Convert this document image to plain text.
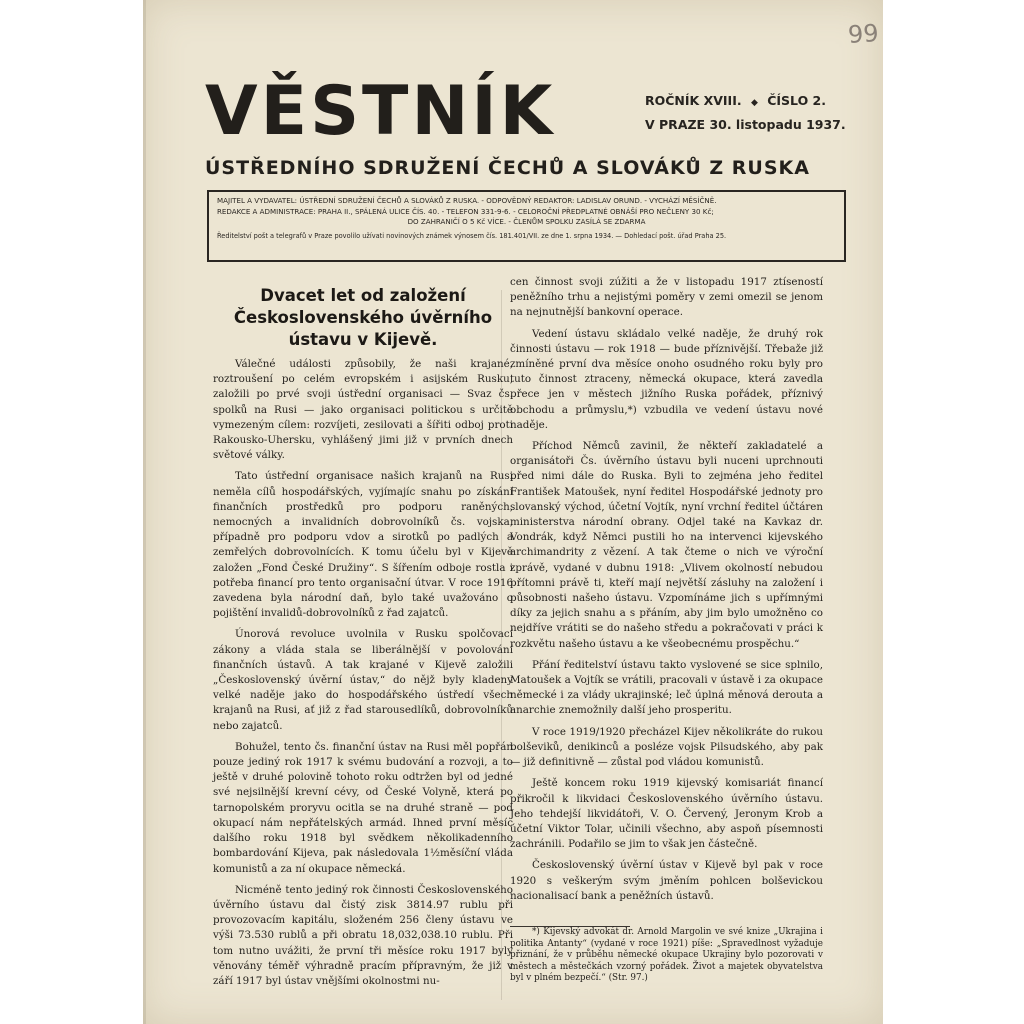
99
VĚSTNÍK	ROČNÍK XVIII. ◆ ČÍSLO 2.
V PRAZE 30. listopadu 1937.
ÚSTŘEDNÍHO SDRUŽENÍ ČECHŮ A SLOVÁKŮ Z RUSKA
MAJITEL A VYDAVATEL: ÚSTŘEDNÍ SDRUŽENÍ ČECHŮ A SLOVÁKŮ Z RUSKA. - ODPOVĚDNÝ REDAKTOR: LADISLAV ORUND. - VYCHÁZÍ MĚSÍČNĚ.
REDAKCE A ADMINISTRACE: PRAHA II., SPÁLENÁ ULICE ČÍS. 40. - TELEFON 331-9-6. - CELOROČNÍ PŘEDPLATNÉ OBNÁŠÍ PRO NEČLENY 30 Kč;
DO ZAHRANIČÍ O 5 Kč VÍCE. - ČLENŮM SPOLKU ZASÍLÁ SE ZDARMA
Ředitelství pošt a telegrafů v Praze povolilo užívati novinových známek výnosem čís. 181.401/VII. ze dne 1. srpna 1934. — Dohledací pošt. úřad Praha 25.

Dvacet let od založení Československého úvěrního ústavu v Kijevě.

Válečné události způsobily, že naši krajané, roztroušení po celém evropském i asijském Rusku, založili po prvé svoji ústřední organisaci — Svaz čs. spolků na Rusi — jako organisaci politickou s určitě vymezeným cílem: rozvíjeti, zesilovati a šířiti odboj proti Rakousko-Uhersku, vyhlášený jimi již v prvních dnech světové války.

Tato ústřední organisace našich krajanů na Rusi neměla cílů hospodářských, vyjímajíc snahu po získání finančních prostředků pro podporu raněných, nemocných a invalidních dobrovolníků čs. vojska, případně pro podporu vdov a sirotků po padlých a zemřelých dobrovolnících. K tomu účelu byl v Kijevě založen „Fond České Družiny“. S šířením odboje rostla i potřeba financí pro tento organisační útvar. V roce 1916 zavedena byla národní daň, bylo také uvažováno o pojištění invalidů-dobrovolníků z řad zajatců.

Únorová revoluce uvolnila v Rusku spolčovací zákony a vláda stala se liberálnější v povolování finančních ústavů. A tak krajané v Kijevě založili „Československý úvěrní ústav,“ do nějž byly kladeny velké naděje jako do hospodářského ústředí všech krajanů na Rusi, ať již z řad starousedlíků, dobrovolníků nebo zajatců.

Bohužel, tento čs. finanční ústav na Rusi měl popřán pouze jediný rok 1917 k svému budování a rozvoji, a to ještě v druhé polovině tohoto roku odtržen byl od jedné své nejsilnější krevní cévy, od České Volyně, která po tarnopolském proryvu ocitla se na druhé straně — pod okupací nám nepřátelských armád. Ihned první měsíc dalšího roku 1918 byl svědkem několikadenního bombardování Kijeva, pak následovala 1½měsíční vláda komunistů a za ní okupace německá.

Nicméně tento jediný rok činnosti Československého úvěrního ústavu dal čistý zisk 3814.97 rublu při provozovacím kapitálu, složeném 256 členy ústavu ve výši 73.530 rublů a při obratu 18,032,038.10 rublu. Při tom nutno uvážiti, že první tři měsíce roku 1917 byly věnovány téměř výhradně pracím přípravným, že již v září 1917 byl ústav vnějšími okolnostmi nu-

cen činnost svoji zúžiti a že v listopadu 1917 ztíseností peněžního trhu a nejistými poměry v zemi omezil se jenom na nejnutnější bankovní operace.

Vedení ústavu skládalo velké naděje, že druhý rok činnosti ústavu — rok 1918 — bude příznivější. Třebaže již zmíněné první dva měsíce onoho osudného roku byly pro tuto činnost ztraceny, německá okupace, která zavedla přece jen v městech jižního Ruska pořádek, příznivý obchodu a průmyslu,*) vzbudila ve vedení ústavu nové naděje.

Příchod Němců zavinil, že někteří zakladatelé a organisátoři Čs. úvěrního ústavu byli nuceni uprchnouti před nimi dále do Ruska. Byli to zejména jeho ředitel František Matoušek, nyní ředitel Hospodářské jednoty pro slovanský východ, účetní Vojtík, nyní vrchní ředitel účtáren ministerstva národní obrany. Odjel také na Kavkaz dr. Vondrák, když Němci pustili ho na intervenci kijevského archimandrity z vězení. A tak čteme o nich ve výroční zprávě, vydané v dubnu 1918: „Vlivem okolností nebudou přítomni právě ti, kteří mají největší zásluhy na založení i působnosti našeho ústavu. Vzpomínáme jich s upřímnými díky za jejich snahu a s přáním, aby jim bylo umožněno co nejdříve vrátiti se do našeho středu a pokračovati v práci k rozkvětu našeho ústavu a ke všeobecnému prospěchu.“

Přání ředitelství ústavu takto vyslovené se sice splnilo, Matoušek a Vojtík se vrátili, pracovali v ústavě i za okupace německé i za vlády ukrajinské; leč úplná měnová derouta a anarchie znemožnily další jeho prosperitu.

V roce 1919/1920 přecházel Kijev několikráte do rukou bolševiků, denikinců a posléze vojsk Pilsudského, aby pak — již definitivně — zůstal pod vládou komunistů.

Ještě koncem roku 1919 kijevský komisariát financí přikročil k likvidaci Československého úvěrního ústavu. Jeho tehdejší likvidátoři, V. O. Červený, Jeronym Krob a účetní Viktor Tolar, učinili všechno, aby aspoň písemnosti zachránili. Podařilo se jim to však jen částečně.

Československý úvěrní ústav v Kijevě byl pak v roce 1920 s veškerým svým jměním pohlcen bolševickou nacionalisací bank a peněžních ústavů.

*) Kijevský advokát dr. Arnold Margolin ve své knize „Ukrajina i politika Antanty“ (vydané v roce 1921) píše: „Spravedlnost vyžaduje přiznání, že v průběhu německé okupace Ukrajiny bylo pozorovati v městech a městečkách vzorný pořádek. Život a majetek obyvatelstva byl v plném bezpečí.“ (Str. 97.)
